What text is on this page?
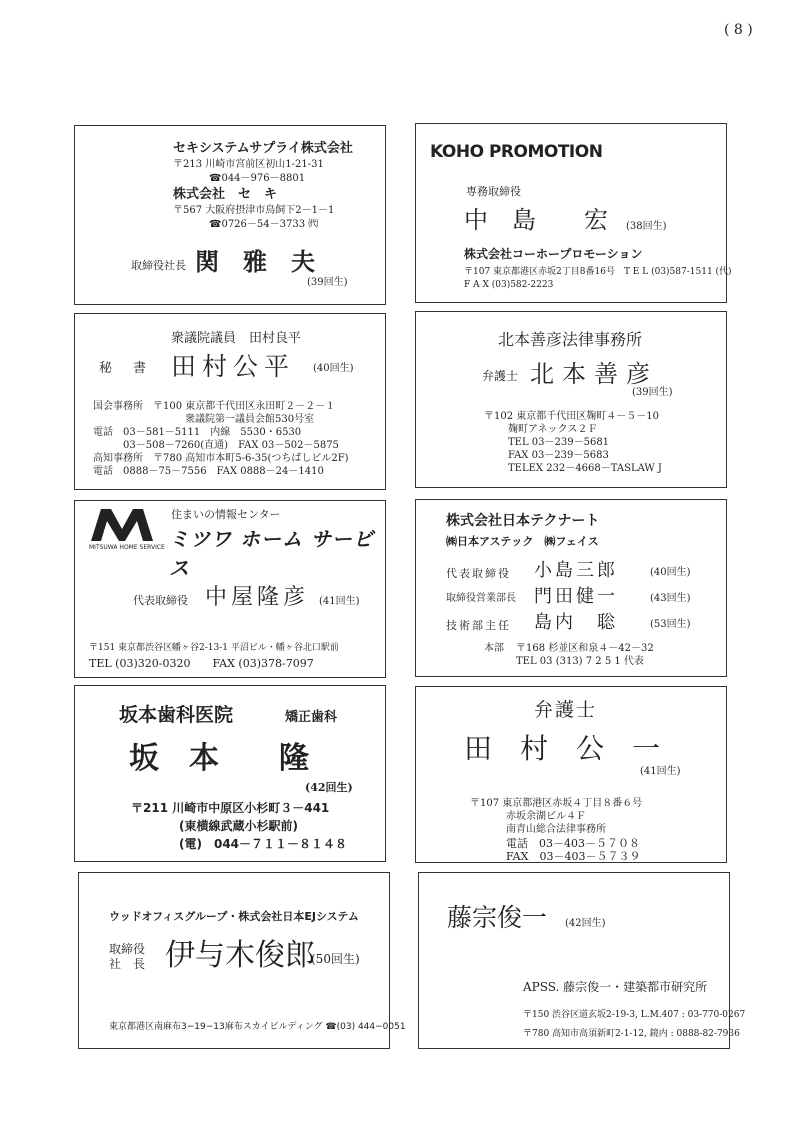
( 8 )
セキシステムサプライ株式会社
〒213 川崎市宮前区初山1-21-31
☎044－976－8801
株式会社　セ　キ
〒567 大阪府摂津市鳥飼下2－1－1
☎0726－54－3733 ㈹
取締役社長 関　雅　夫
(39回生)
KOHO PROMOTION
専務取締役
中　島　　宏 (38回生)
株式会社コーホープロモーション
〒107 東京都港区赤坂2丁目8番16号　T E L (03)587-1511 (代)
F A X (03)582-2223
衆議院議員　田村良平
秘　書 田村公平 (40回生)
国会事務所　〒100 東京都千代田区永田町２－２－１
衆議院第一議員会館530号室
電話　03－581－5111　内線　5530・6530
03－508－7260(直通)　FAX 03－502－5875
高知事務所　〒780 高知市本町5-6-35(つちばしビル2F)
電話　0888－75－7556　FAX 0888－24－1410
北本善彦法律事務所
弁護士 北本善彦
(39回生)
〒102 東京都千代田区麹町４－５－10
麹町アネックス２Ｆ
TEL 03－239－5681
FAX 03－239－5683
TELEX 232－4668－TASLAW J
MITSUWA HOME SERVICE
住まいの情報センター
ミツワ ホーム サービス
代表取締役 中屋隆彦 (41回生)
〒151 東京都渋谷区幡ヶ谷2-13-1 平沼ビル・幡ヶ谷北口駅前
TEL (03)320-0320　　FAX (03)378-7097
株式会社日本テクナート
㈱日本アステック　㈱フェイス
代表取締役 小島三郎	(40回生)
取締役営業部長 門田健一	(43回生)
技術部主任 島内　聡	(53回生)
本部 〒168 杉並区和泉４－42－32
TEL 03 (313) 7 2 5 1 代表
坂本歯科医院	矯正歯科
坂　本　　隆
(42回生)
〒211 川崎市中原区小杉町３－441
(東横線武蔵小杉駅前)
(電)　044－７１１－８１４８
弁護士
田　村　公　一
(41回生)
〒107 東京都港区赤坂４丁目８番６号
赤坂余湖ビル４Ｆ
南青山総合法律事務所
電話　03－403－５７０８
FAX　03－403－５７３９
ウッドオフィスグループ・株式会社日本EJシステム
取締役
社　長 伊与木俊郎
(50回生)
東京都港区南麻布3−19−13麻布スカイビルディング ☎(03) 444−0051
藤宗俊一 (42回生)
APSS. 藤宗俊一・建築都市研究所
〒150 渋谷区道玄坂2-19-3, L.M.407 : 03-770-0267
〒780 高知市高須新町2-1-12, 鏡内 : 0888-82-7936
